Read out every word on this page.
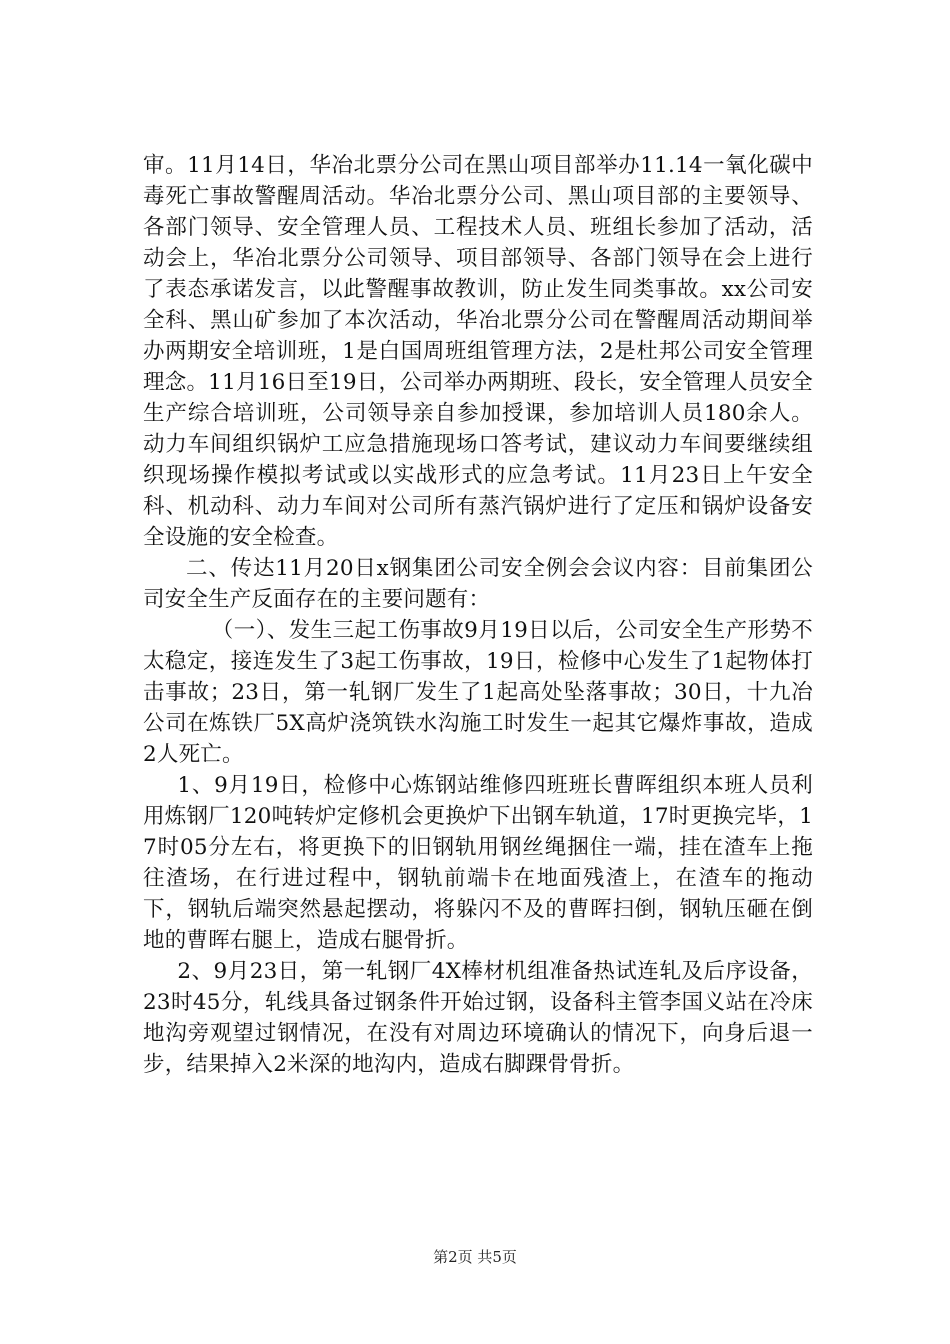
审。11月14日，华冶北票分公司在黑山项目部举办11.14一氧化碳中毒死亡事故警醒周活动。华冶北票分公司、黑山项目部的主要领导、各部门领导、安全管理人员、工程技术人员、班组长参加了活动，活动会上，华冶北票分公司领导、项目部领导、各部门领导在会上进行了表态承诺发言，以此警醒事故教训，防止发生同类事故。xx公司安全科、黑山矿参加了本次活动，华冶北票分公司在警醒周活动期间举办两期安全培训班，1是白国周班组管理方法，2是杜邦公司安全管理理念。11月16日至19日，公司举办两期班、段长，安全管理人员安全生产综合培训班，公司领导亲自参加授课，参加培训人员180余人。动力车间组织锅炉工应急措施现场口答考试，建议动力车间要继续组织现场操作模拟考试或以实战形式的应急考试。11月23日上午安全科、机动科、动力车间对公司所有蒸汽锅炉进行了定压和锅炉设备安全设施的安全检查。

二、传达11月20日x钢集团公司安全例会会议内容：目前集团公司安全生产反面存在的主要问题有：

（一）、发生三起工伤事故9月19日以后，公司安全生产形势不太稳定，接连发生了3起工伤事故，19日，检修中心发生了1起物体打击事故；23日，第一轧钢厂发生了1起高处坠落事故；30日，十九冶公司在炼铁厂5X高炉浇筑铁水沟施工时发生一起其它爆炸事故，造成2人死亡。

1、9月19日，检修中心炼钢站维修四班班长曹晖组织本班人员利用炼钢厂120吨转炉定修机会更换炉下出钢车轨道，17时更换完毕，17时05分左右，将更换下的旧钢轨用钢丝绳捆住一端，挂在渣车上拖往渣场，在行进过程中，钢轨前端卡在地面残渣上，在渣车的拖动下，钢轨后端突然悬起摆动，将躲闪不及的曹晖扫倒，钢轨压砸在倒地的曹晖右腿上，造成右腿骨折。

2、9月23日，第一轧钢厂4X棒材机组准备热试连轧及后序设备，23时45分，轧线具备过钢条件开始过钢，设备科主管李国义站在冷床地沟旁观望过钢情况，在没有对周边环境确认的情况下，向身后退一步，结果掉入2米深的地沟内，造成右脚踝骨骨折。

第2页 共5页
